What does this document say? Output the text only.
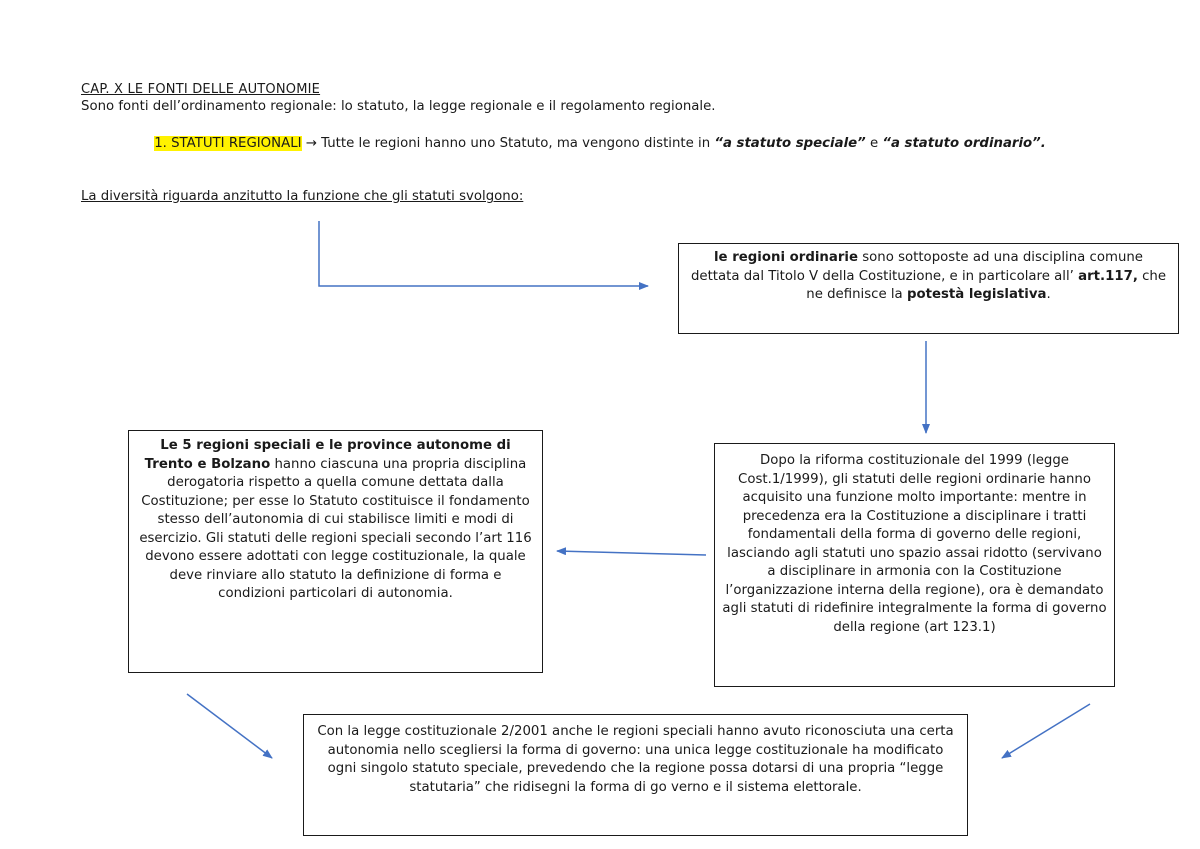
CAP. X LE FONTI DELLE AUTONOMIE
Sono fonti dell’ordinamento regionale: lo statuto, la legge regionale e il regolamento regionale.
1. STATUTI REGIONALI → Tutte le regioni hanno uno Statuto, ma vengono distinte in “a statuto speciale” e “a statuto ordinario”.
La diversità riguarda anzitutto la funzione che gli statuti svolgono:
le regioni ordinarie sono sottoposte ad una disciplina comune dettata dal Titolo V della Costituzione, e in particolare all’ art.117, che ne definisce la potestà legislativa.
Dopo la riforma costituzionale del 1999 (legge Cost.1/1999), gli statuti delle regioni ordinarie hanno acquisito una funzione molto importante: mentre in precedenza era la Costituzione a disciplinare i tratti fondamentali della forma di governo delle regioni, lasciando agli statuti uno spazio assai ridotto (servivano a disciplinare in armonia con la Costituzione l’organizzazione interna della regione), ora è demandato agli statuti di ridefinire integralmente la forma di governo della regione (art 123.1)
Le 5 regioni speciali e le province autonome di Trento e Bolzano hanno ciascuna una propria disciplina derogatoria rispetto a quella comune dettata dalla Costituzione; per esse lo Statuto costituisce il fondamento stesso dell’autonomia di cui stabilisce limiti e modi di esercizio. Gli statuti delle regioni speciali secondo l’art 116 devono essere adottati con legge costituzionale, la quale deve rinviare allo statuto la definizione di forma e condizioni particolari di autonomia.
Con la legge costituzionale 2/2001 anche le regioni speciali hanno avuto riconosciuta una certa autonomia nello scegliersi la forma di governo: una unica legge costituzionale ha modificato ogni singolo statuto speciale, prevedendo che la regione possa dotarsi di una propria “legge statutaria” che ridisegni la forma di go verno e il sistema elettorale.
